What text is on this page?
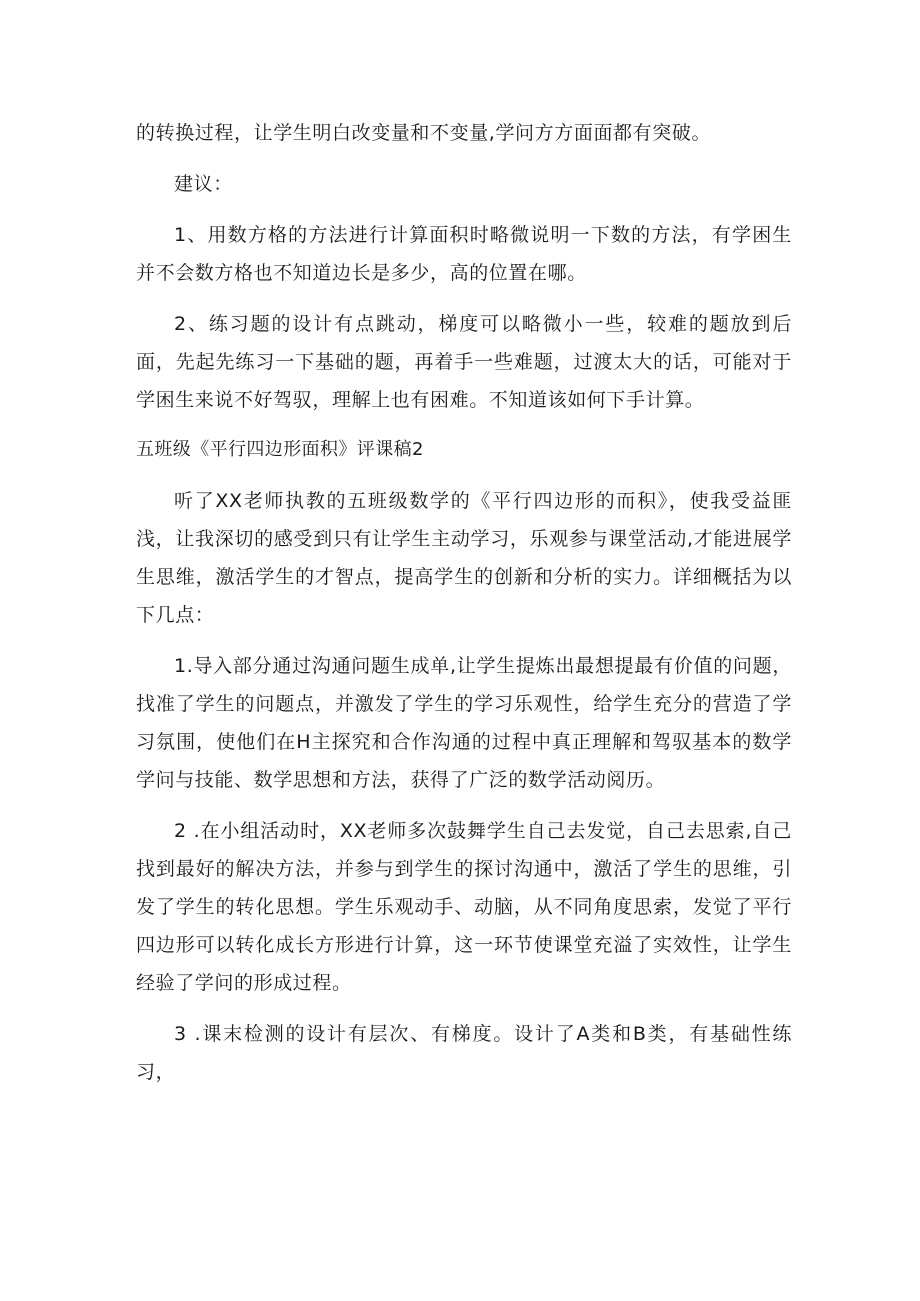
的转换过程，让学生明白改变量和不变量,学问方方面面都有突破。

建议：

1、用数方格的方法进行计算面积时略微说明一下数的方法，有学困生并不会数方格也不知道边长是多少，高的位置在哪。

2、练习题的设计有点跳动，梯度可以略微小一些，较难的题放到后面，先起先练习一下基础的题，再着手一些难题，过渡太大的话，可能对于学困生来说不好驾驭，理解上也有困难。不知道该如何下手计算。

五班级《平行四边形面积》评课稿2

听了XX老师执教的五班级数学的《平行四边形的而积》，使我受益匪浅，让我深切的感受到只有让学生主动学习，乐观参与课堂活动,才能进展学生思维，激活学生的才智点，提高学生的创新和分析的实力。详细概括为以下几点：

1.导入部分通过沟通问题生成单,让学生提炼出最想提最有价值的问题，找准了学生的问题点，并激发了学生的学习乐观性，给学生充分的营造了学习氛围，使他们在H主探究和合作沟通的过程中真正理解和驾驭基本的数学学问与技能、数学思想和方法，获得了广泛的数学活动阅历。

2 .在小组活动时，XX老师多次鼓舞学生自己去发觉，自己去思索,自己找到最好的解决方法，并参与到学生的探讨沟通中，激活了学生的思维，引发了学生的转化思想。学生乐观动手、动脑，从不同角度思索，发觉了平行四边形可以转化成长方形进行计算，这一环节使课堂充溢了实效性，让学生经验了学问的形成过程。

3 .课末检测的设计有层次、有梯度。设计了A类和B类，有基础性练习，
